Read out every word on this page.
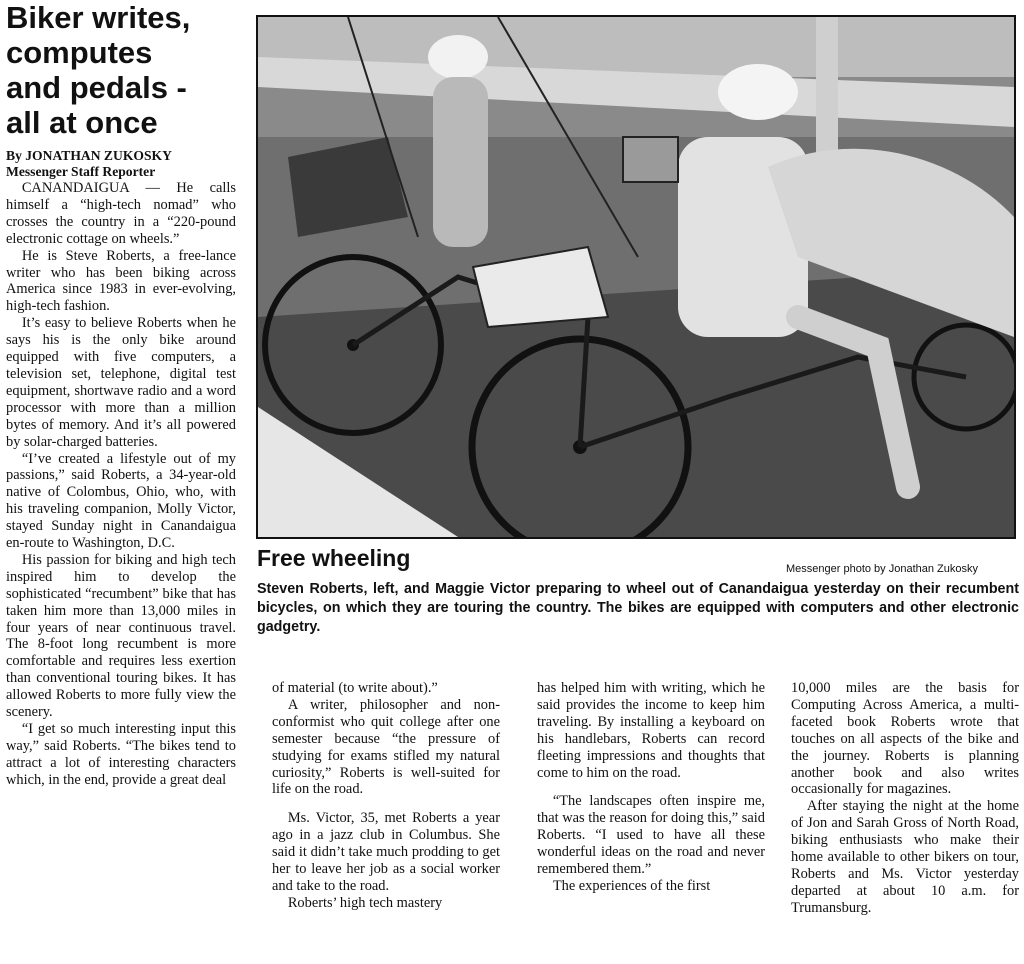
Biker writes,
computes
and pedals -
all at once
By JONATHAN ZUKOSKY
Messenger Staff Reporter

CANANDAIGUA — He calls himself a “high-tech nomad” who crosses the country in a “220-pound electronic cottage on wheels.”

He is Steve Roberts, a free-lance writer who has been biking across America since 1983 in ever-evolving, high-tech fashion.

It’s easy to believe Roberts when he says his is the only bike around equipped with five computers, a television set, telephone, digital test equipment, shortwave radio and a word processor with more than a million bytes of memory. And it’s all powered by solar-charged batteries.

“I’ve created a lifestyle out of my passions,” said Roberts, a 34-year-old native of Colombus, Ohio, who, with his traveling companion, Molly Victor, stayed Sunday night in Canandaigua en-route to Washington, D.C.

His passion for biking and high tech inspired him to develop the sophisticated “recumbent” bike that has taken him more than 13,000 miles in four years of near continuous travel. The 8-foot long recumbent is more comfortable and requires less exertion than conventional touring bikes. It has allowed Roberts to more fully view the scenery.

“I get so much interesting input this way,” said Roberts. “The bikes tend to attract a lot of interesting characters which, in the end, provide a great deal

Free wheeling	Messenger photo by Jonathan Zukosky
Steven Roberts, left, and Maggie Victor preparing to wheel out of Canandaigua yesterday on their recumbent bicycles, on which they are touring the country. The bikes are equipped with computers and other electronic gadgetry.

of material (to write about).”

A writer, philosopher and non-conformist who quit college after one semester because “the pressure of studying for exams stifled my natural curiosity,” Roberts is well-suited for life on the road.

Ms. Victor, 35, met Roberts a year ago in a jazz club in Columbus. She said it didn’t take much prodding to get her to leave her job as a social worker and take to the road.

Roberts’ high tech mastery

has helped him with writing, which he said provides the income to keep him traveling. By installing a keyboard on his handlebars, Roberts can record fleeting impressions and thoughts that come to him on the road.

“The landscapes often inspire me, that was the reason for doing this,” said Roberts. “I used to have all these wonderful ideas on the road and never remembered them.”

The experiences of the first

10,000 miles are the basis for Computing Across America, a multi-faceted book Roberts wrote that touches on all aspects of the bike and the journey. Roberts is planning another book and also writes occasionally for magazines.

After staying the night at the home of Jon and Sarah Gross of North Road, biking enthusiasts who make their home available to other bikers on tour, Roberts and Ms. Victor yesterday departed at about 10 a.m. for Trumansburg.
